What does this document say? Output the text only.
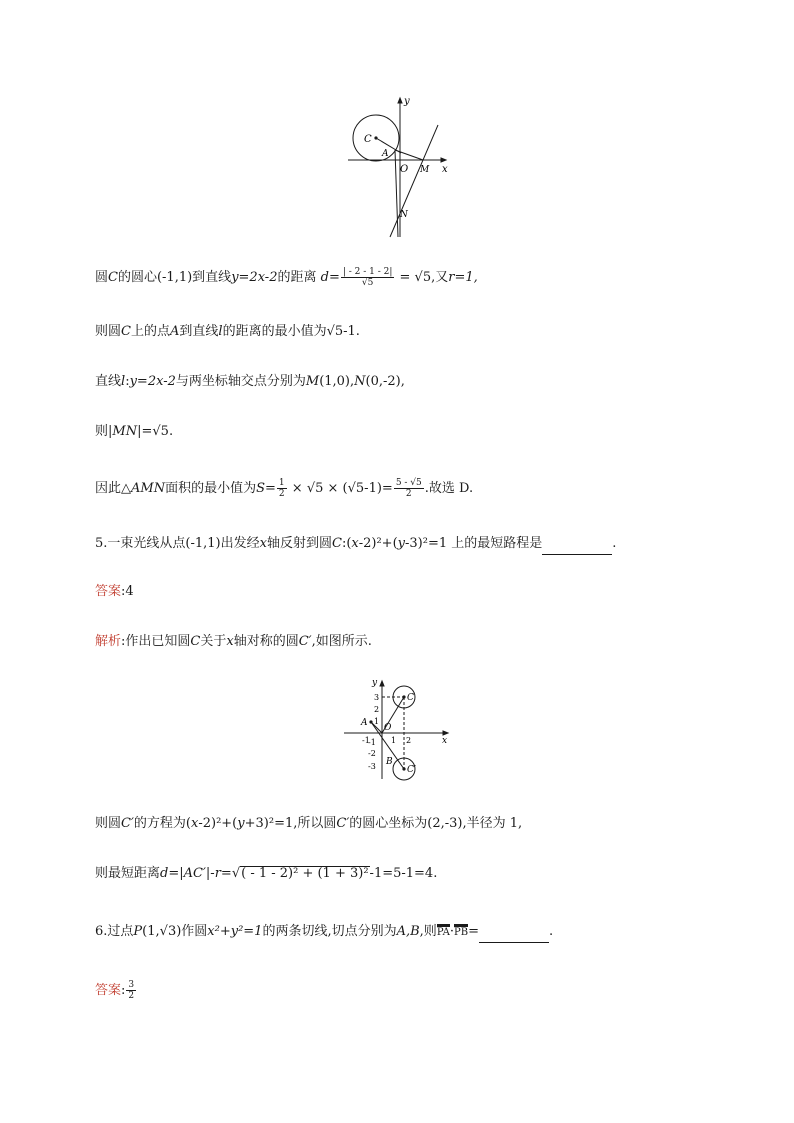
y
x
C
A
O M
N
圆C的圆心(-1,1)到直线y=2x-2的距离 $d= \frac{| - 2 - 1 - 2|}{√5} = √5$,又r=1,
则圆C上的点A到直线l的距离的最小值为√5-1.
直线l:y=2x-2与两坐标轴交点分别为M(1,0),N(0,-2),
则|MN|=√5.
因此△AMN面积的最小值为$S= \frac{1}{2} \times √5 \times (√5-1)= \frac{5 - √5}{2}$ .故选 D.
5.一束光线从点(-1,1)出发经x轴反射到圆C:(x-2)²+(y-3)²=1 上的最短路程是	.
答案:4
解析:作出已知圆C关于x轴对称的圆C′,如图所示.
y
x
C
C′
A
B
O
3
2
1
-1
-2
-3
-1	1 2
则圆C′的方程为(x-2)²+(y+3)²=1,所以圆C′的圆心坐标为(2,-3),半径为 1,
则最短距离d=|AC′|-r=√( - 1 - 2)² + (1 + 3)²-1=5-1=4.
6.过点P(1,√3)作圆x²+y²=1的两条切线,切点分别为A,B,则PA·PB=	.
答案: $\frac{3}{2}$
